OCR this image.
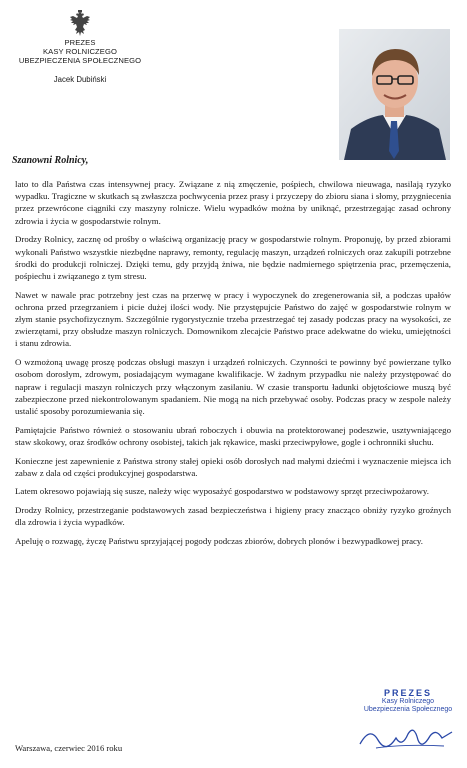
PREZES
KASY ROLNICZEGO
UBEZPIECZENIA SPOŁECZNEGO
Jacek Dubiński
Szanowni Rolnicy,

lato to dla Państwa czas intensywnej pracy. Związane z nią zmęczenie, pośpiech, chwilowa nieuwaga, nasilają ryzyko wypadku. Tragiczne w skutkach są zwłaszcza pochwycenia przez prasy i przyczepy do zbioru siana i słomy, przygniecenia przez przewrócone ciągniki czy maszyny rolnicze. Wielu wypadków można by uniknąć, przestrzegając zasad ochrony zdrowia i życia w gospodarstwie rolnym.

Drodzy Rolnicy, zacznę od prośby o właściwą organizację pracy w gospodarstwie rolnym. Proponuję, by przed zbiorami wykonali Państwo wszystkie niezbędne naprawy, remonty, regulację maszyn, urządzeń rolniczych oraz zakupili potrzebne środki do produkcji rolniczej. Dzięki temu, gdy przyjdą żniwa, nie będzie nadmiernego spiętrzenia prac, przemęczenia, pośpiechu i związanego z tym stresu.

Nawet w nawale prac potrzebny jest czas na przerwę w pracy i wypoczynek do zregenerowania sił, a podczas upałów ochrona przed przegrzaniem i picie dużej ilości wody. Nie przystępujcie Państwo do zajęć w gospodarstwie rolnym w złym stanie psychofizycznym. Szczególnie rygorystycznie trzeba przestrzegać tej zasady podczas pracy na wysokości, ze zwierzętami, przy obsłudze maszyn rolniczych. Domownikom zlecajcie Państwo prace adekwatne do wieku, umiejętności i stanu zdrowia.

O wzmożoną uwagę proszę podczas obsługi maszyn i urządzeń rolniczych. Czynności te powinny być powierzane tylko osobom dorosłym, zdrowym, posiadającym wymagane kwalifikacje. W żadnym przypadku nie należy przystępować do napraw i regulacji maszyn rolniczych przy włączonym zasilaniu. W czasie transportu ładunki objętościowe muszą być zabezpieczone przed niekontrolowanym spadaniem. Nie mogą na nich przebywać osoby. Podczas pracy w zespole należy ustalić sposoby porozumiewania się.

Pamiętajcie Państwo również o stosowaniu ubrań roboczych i obuwia na protektorowanej podeszwie, usztywniającego staw skokowy, oraz środków ochrony osobistej, takich jak rękawice, maski przeciwpyłowe, gogle i ochronniki słuchu.

Konieczne jest zapewnienie z Państwa strony stałej opieki osób dorosłych nad małymi dziećmi i wyznaczenie miejsca ich zabaw z dala od części produkcyjnej gospodarstwa.

Latem okresowo pojawiają się susze, należy więc wyposażyć gospodarstwo w podstawowy sprzęt przeciwpożarowy.

Drodzy Rolnicy, przestrzeganie podstawowych zasad bezpieczeństwa i higieny pracy znacząco obniży ryzyko groźnych dla zdrowia i życia wypadków.

Apeluję o rozwagę, życzę Państwu sprzyjającej pogody podczas zbiorów, dobrych plonów i bezwypadkowej pracy.

Warszawa, czerwiec 2016 roku
PREZES
Kasy Rolniczego
Ubezpieczenia Społecznego
